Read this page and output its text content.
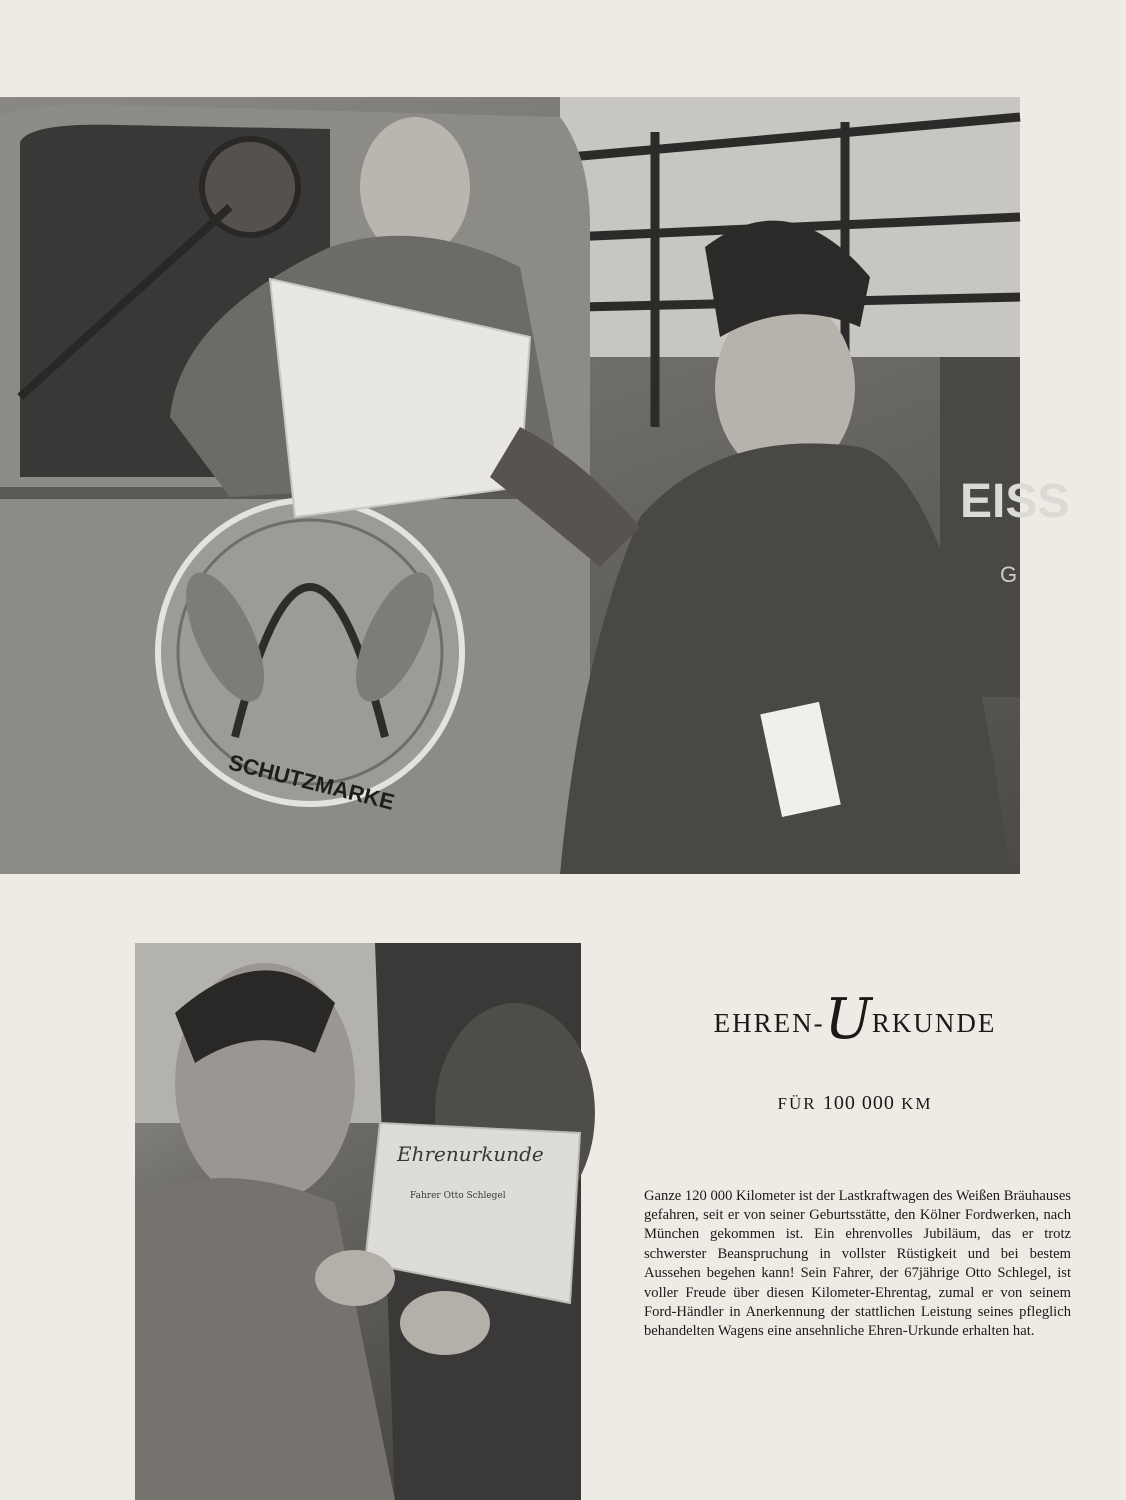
EISS
G
SCHUTZMARKE
Ehrenurkunde
Fahrer Otto Schlegel
EHREN-URKUNDE
FÜR 100 000 KM

Ganze 120 000 Kilometer ist der Lastkraftwagen des Weißen Bräuhauses gefahren, seit er von seiner Geburtsstätte, den Kölner Fordwerken, nach München gekommen ist. Ein ehrenvolles Jubiläum, das er trotz schwerster Beanspruchung in vollster Rüstigkeit und bei bestem Aussehen begehen kann! Sein Fahrer, der 67jährige Otto Schlegel, ist voller Freude über diesen Kilometer-Ehrentag, zumal er von seinem Ford-Händler in Anerkennung der stattlichen Leistung seines pfleglich behandelten Wagens eine ansehnliche Ehren-Urkunde erhalten hat.
